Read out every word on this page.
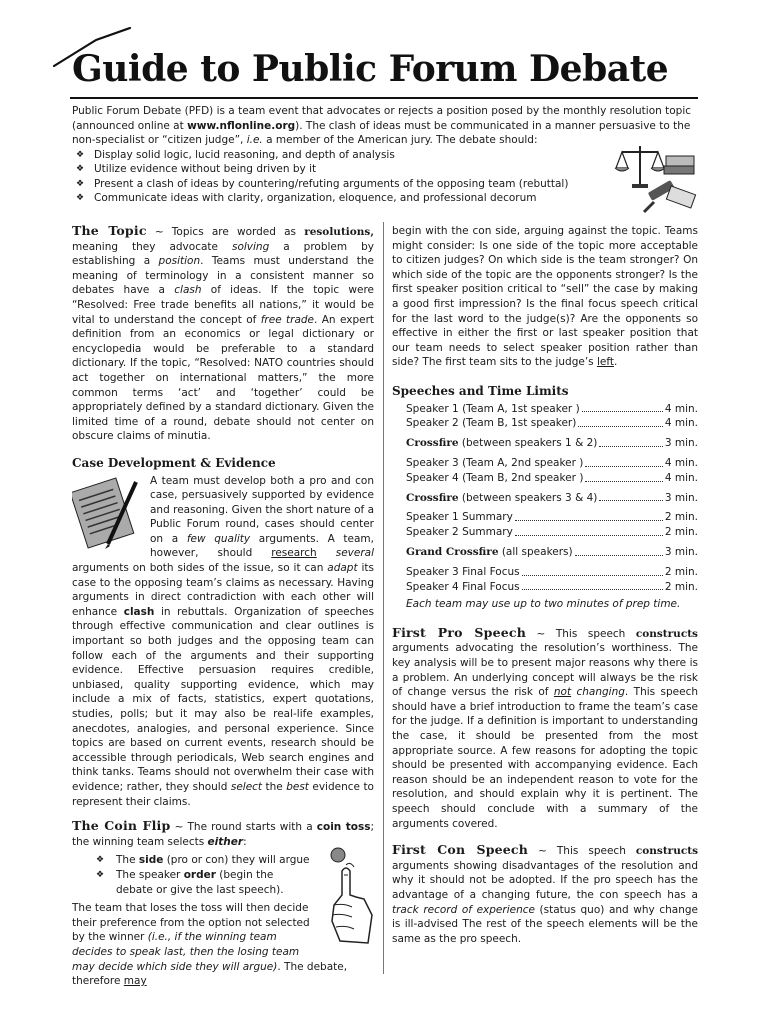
Guide to Public Forum Debate

Public Forum Debate (PFD) is a team event that advocates or rejects a position posed by the monthly resolution topic (announced online at www.nflonline.org). The clash of ideas must be communicated in a manner persuasive to the non-specialist or “citizen judge”, i.e. a member of the American jury. The debate should:

❖ Display solid logic, lucid reasoning, and depth of analysis
❖ Utilize evidence without being driven by it
❖ Present a clash of ideas by countering/refuting arguments of the opposing team (rebuttal)
❖ Communicate ideas with clarity, organization, eloquence, and professional decorum

The Topic ~ Topics are worded as resolutions, meaning they advocate solving a problem by establishing a position. Teams must understand the meaning of terminology in a consistent manner so debates have a clash of ideas. If the topic were “Resolved: Free trade benefits all nations,” it would be vital to understand the concept of free trade. An expert definition from an economics or legal dictionary or encyclopedia would be preferable to a standard dictionary. If the topic, “Resolved: NATO countries should act together on international matters,” the more common terms ‘act’ and ‘together’ could be appropriately defined by a standard dictionary. Given the limited time of a round, debate should not center on obscure claims of minutia.

Case Development & Evidence

A team must develop both a pro and con case, persuasively supported by evidence and reasoning. Given the short nature of a Public Forum round, cases should center on a few quality arguments. A team, however, should research several arguments on both sides of the issue, so it can adapt its case to the opposing team’s claims as necessary. Having arguments in direct contradiction with each other will enhance clash in rebuttals. Organization of speeches through effective communication and clear outlines is important so both judges and the opposing team can follow each of the arguments and their supporting evidence. Effective persuasion requires credible, unbiased, quality supporting evidence, which may include a mix of facts, statistics, expert quotations, studies, polls; but it may also be real-life examples, anecdotes, analogies, and personal experience. Since topics are based on current events, research should be accessible through periodicals, Web search engines and think tanks. Teams should not overwhelm their case with evidence; rather, they should select the best evidence to represent their claims.

The Coin Flip ~ The round starts with a coin toss; the winning team selects either:

❖ The side (pro or con) they will argue
❖ The speaker order (begin the debate or give the last speech).

The team that loses the toss will then decide their preference from the option not selected by the winner (i.e., if the winning team decides to speak last, then the losing team may decide which side they will argue). The debate, therefore may

begin with the con side, arguing against the topic. Teams might consider: Is one side of the topic more acceptable to citizen judges? On which side is the team stronger? On which side of the topic are the opponents stronger? Is the first speaker position critical to “sell” the case by making a good first impression? Is the final focus speech critical for the last word to the judge(s)? Are the opponents so effective in either the first or last speaker position that our team needs to select speaker position rather than side? The first team sits to the judge’s left.

Speeches and Time Limits
Speaker 1 (Team A, 1st speaker )	4 min.
Speaker 2 (Team B, 1st speaker)	4 min.
Crossfire (between speakers 1 & 2)	3 min.
Speaker 3 (Team A, 2nd speaker )	4 min.
Speaker 4 (Team B, 2nd speaker )	4 min.
Crossfire (between speakers 3 & 4)	3 min.
Speaker 1 Summary	2 min.
Speaker 2 Summary	2 min.
Grand Crossfire (all speakers)	3 min.
Speaker 3 Final Focus	2 min.
Speaker 4 Final Focus	2 min.
Each team may use up to two minutes of prep time.

First Pro Speech ~ This speech constructs arguments advocating the resolution’s worthiness. The key analysis will be to present major reasons why there is a problem. An underlying concept will always be the risk of change versus the risk of not changing. This speech should have a brief introduction to frame the team’s case for the judge. If a definition is important to understanding the case, it should be presented from the most appropriate source. A few reasons for adopting the topic should be presented with accompanying evidence. Each reason should be an independent reason to vote for the resolution, and should explain why it is pertinent. The speech should conclude with a summary of the arguments covered.

First Con Speech ~ This speech constructs arguments showing disadvantages of the resolution and why it should not be adopted. If the pro speech has the advantage of a changing future, the con speech has a track record of experience (status quo) and why change is ill-advised The rest of the speech elements will be the same as the pro speech.
